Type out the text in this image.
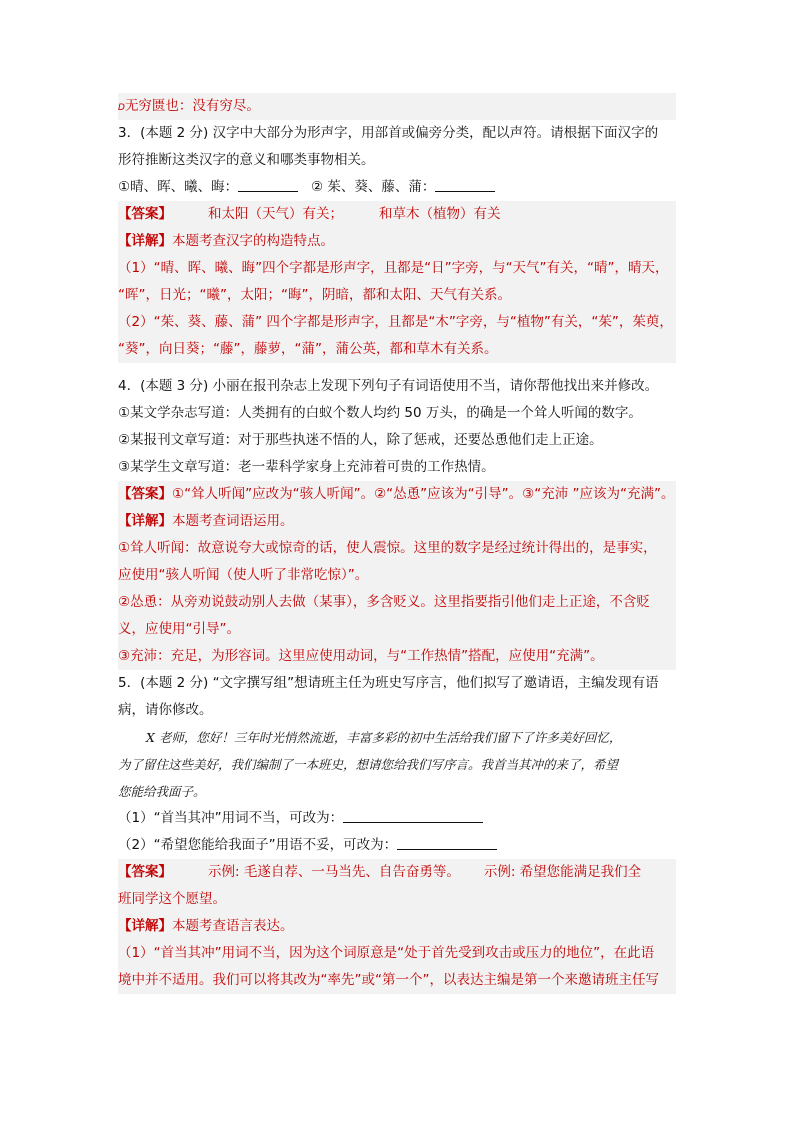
D无穷匮也：没有穷尽。
3．(本题 2 分) 汉字中大部分为形声字，用部首或偏旁分类，配以声符。请根据下面汉字的
形符推断这类汉字的意义和哪类事物相关。
①晴、晖、曦、晦：	② 茱、葵、藤、蒲：
【答案】	和太阳（天气）有关；	和草木（植物）有关
【详解】本题考查汉字的构造特点。
（1）“晴、晖、曦、晦”四个字都是形声字，且都是“日”字旁，与“天气”有关，“晴”，晴天，
“晖”，日光；“曦”，太阳；“晦”，阴暗，都和太阳、天气有关系。
（2）“茱、葵、藤、蒲” 四个字都是形声字，且都是“木”字旁，与“植物”有关，“茱”，茱萸，
“葵”，向日葵；“藤”，藤萝，“蒲”，蒲公英，都和草木有关系。
4．(本题 3 分) 小丽在报刊杂志上发现下列句子有词语使用不当，请你帮他找出来并修改。
①某文学杂志写道：人类拥有的白蚁个数人均约 50 万头，的确是一个耸人听闻的数字。
②某报刊文章写道：对于那些执迷不悟的人，除了惩戒，还要怂恿他们走上正途。
③某学生文章写道：老一辈科学家身上充沛着可贵的工作热情。
【答案】①“耸人听闻”应改为“骇人听闻”。②“怂恿”应该为“引导”。③“充沛 ”应该为“充满”。
【详解】本题考查词语运用。
①耸人听闻：故意说夸大或惊奇的话，使人震惊。这里的数字是经过统计得出的，是事实，
应使用“骇人听闻（使人听了非常吃惊）”。
②怂恿：从旁劝说鼓动别人去做（某事），多含贬义。这里指要指引他们走上正途，不含贬
义，应使用“引导”。
③充沛：充足，为形容词。这里应使用动词，与“工作热情”搭配，应使用“充满”。
5．(本题 2 分) “文字撰写组”想请班主任为班史写序言，他们拟写了邀请语，主编发现有语
病，请你修改。
X 老师，您好！三年时光悄然流逝，丰富多彩的初中生活给我们留下了许多美好回忆，
为了留住这些美好，我们编制了一本班史，想请您给我们写序言。我首当其冲的来了，希望
您能给我面子。
（1）“首当其冲”用词不当，可改为：
（2）“希望您能给我面子”用语不妥，可改为：
【答案】	示例: 毛遂自荐、一马当先、自告奋勇等。 示例: 希望您能满足我们全
班同学这个愿望。
【详解】本题考查语言表达。
（1）“首当其冲”用词不当，因为这个词原意是“处于首先受到攻击或压力的地位”，在此语
境中并不适用。我们可以将其改为“率先”或“第一个”，以表达主编是第一个来邀请班主任写
